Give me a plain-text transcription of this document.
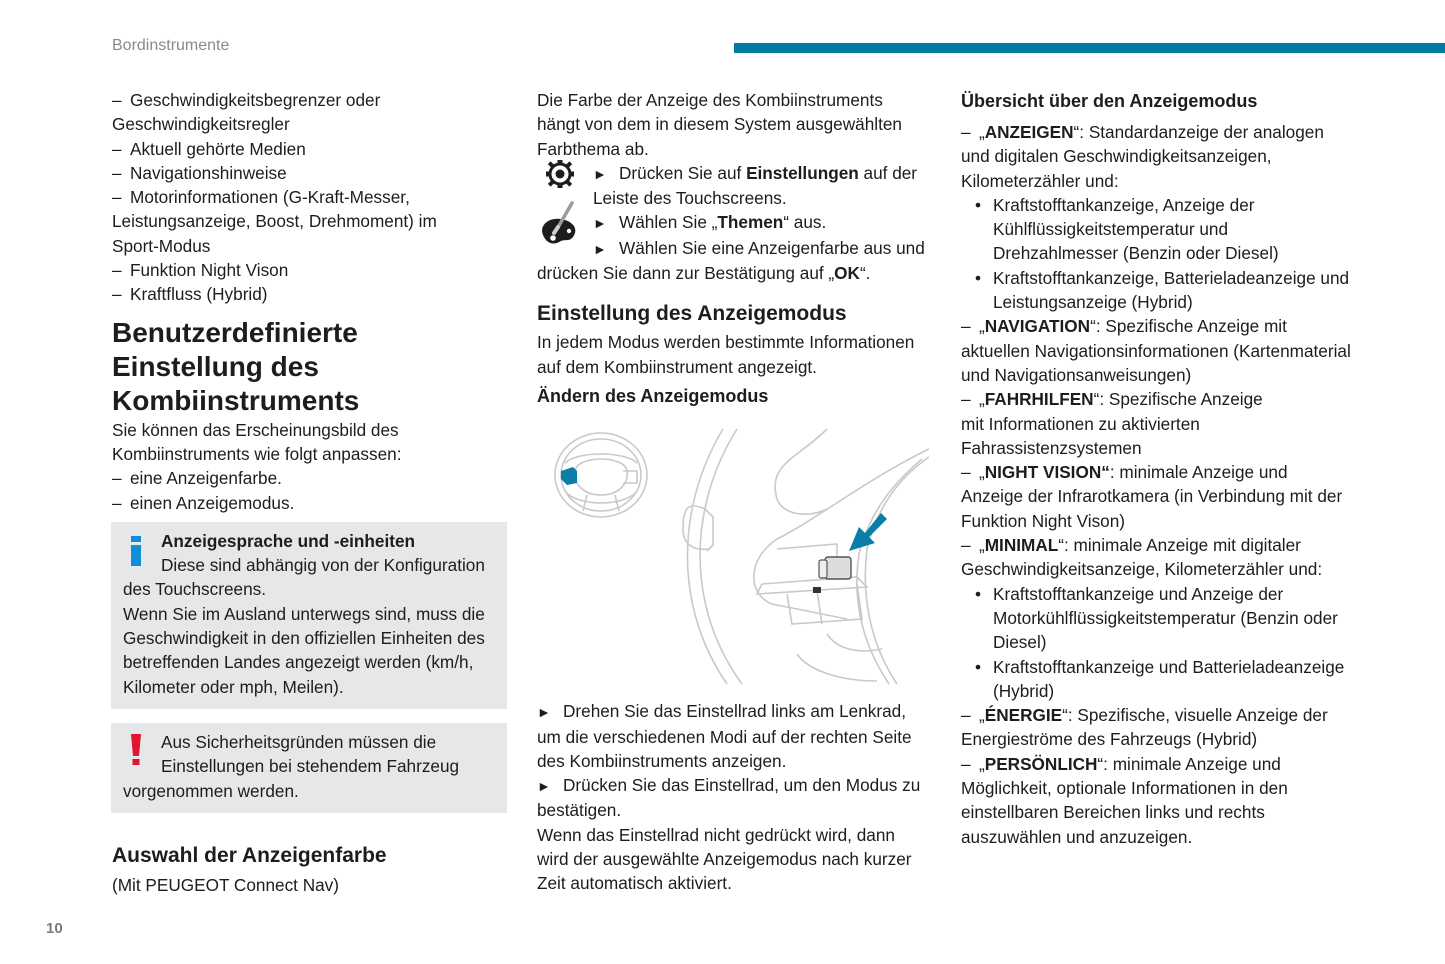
Bordinstrumente

– Geschwindigkeitsbegrenzer oder

Geschwindigkeitsregler

– Aktuell gehörte Medien

– Navigationshinweise

– Motorinformationen (G-Kraft-Messer,

Leistungsanzeige, Boost, Drehmoment) im

Sport-Modus

– Funktion Night Vison

– Kraftfluss (Hybrid)

Benutzerdefinierte
Einstellung des
Kombiinstruments

Sie können das Erscheinungsbild des

Kombiinstruments wie folgt anpassen:

– eine Anzeigenfarbe.

– einen Anzeigemodus.

Anzeigesprache und -einheiten

Diese sind abhängig von der Konfiguration

des Touchscreens.

Wenn Sie im Ausland unterwegs sind, muss die

Geschwindigkeit in den offiziellen Einheiten des

betreffenden Landes angezeigt werden (km/h,

Kilometer oder mph, Meilen).

Aus Sicherheitsgründen müssen die

Einstellungen bei stehendem Fahrzeug

vorgenommen werden.

Auswahl der Anzeigenfarbe

(Mit PEUGEOT Connect Nav)

Die Farbe der Anzeige des Kombiinstruments

hängt von dem in diesem System ausgewählten

Farbthema ab.

► Drücken Sie auf Einstellungen auf der

Leiste des Touchscreens.

► Wählen Sie „Themen“ aus.

► Wählen Sie eine Anzeigenfarbe aus und

drücken Sie dann zur Bestätigung auf „OK“.

Einstellung des Anzeigemodus

In jedem Modus werden bestimmte Informationen

auf dem Kombiinstrument angezeigt.

Ändern des Anzeigemodus

► Drehen Sie das Einstellrad links am Lenkrad,

um die verschiedenen Modi auf der rechten Seite

des Kombiinstruments anzeigen.

► Drücken Sie das Einstellrad, um den Modus zu

bestätigen.

Wenn das Einstellrad nicht gedrückt wird, dann

wird der ausgewählte Anzeigemodus nach kurzer

Zeit automatisch aktiviert.

Übersicht über den Anzeigemodus

– „ANZEIGEN“: Standardanzeige der analogen

und digitalen Geschwindigkeitsanzeigen,

Kilometerzähler und:

• Kraftstofftankanzeige, Anzeige der
Kühlflüssigkeitstemperatur und
Drehzahlmesser (Benzin oder Diesel)
• Kraftstofftankanzeige, Batterieladeanzeige und
Leistungsanzeige (Hybrid)

– „NAVIGATION“: Spezifische Anzeige mit

aktuellen Navigationsinformationen (Kartenmaterial

und Navigationsanweisungen)

– „FAHRHILFEN“: Spezifische Anzeige

mit Informationen zu aktivierten

Fahrassistenzsystemen

– „NIGHT VISION“: minimale Anzeige und

Anzeige der Infrarotkamera (in Verbindung mit der

Funktion Night Vison)

– „MINIMAL“: minimale Anzeige mit digitaler

Geschwindigkeitsanzeige, Kilometerzähler und:

• Kraftstofftankanzeige und Anzeige der
Motorkühlflüssigkeitstemperatur (Benzin oder
Diesel)
• Kraftstofftankanzeige und Batterieladeanzeige
(Hybrid)

– „ÉNERGIE“: Spezifische, visuelle Anzeige der

Energieströme des Fahrzeugs (Hybrid)

– „PERSÖNLICH“: minimale Anzeige und

Möglichkeit, optionale Informationen in den

einstellbaren Bereichen links und rechts

auszuwählen und anzuzeigen.

10
